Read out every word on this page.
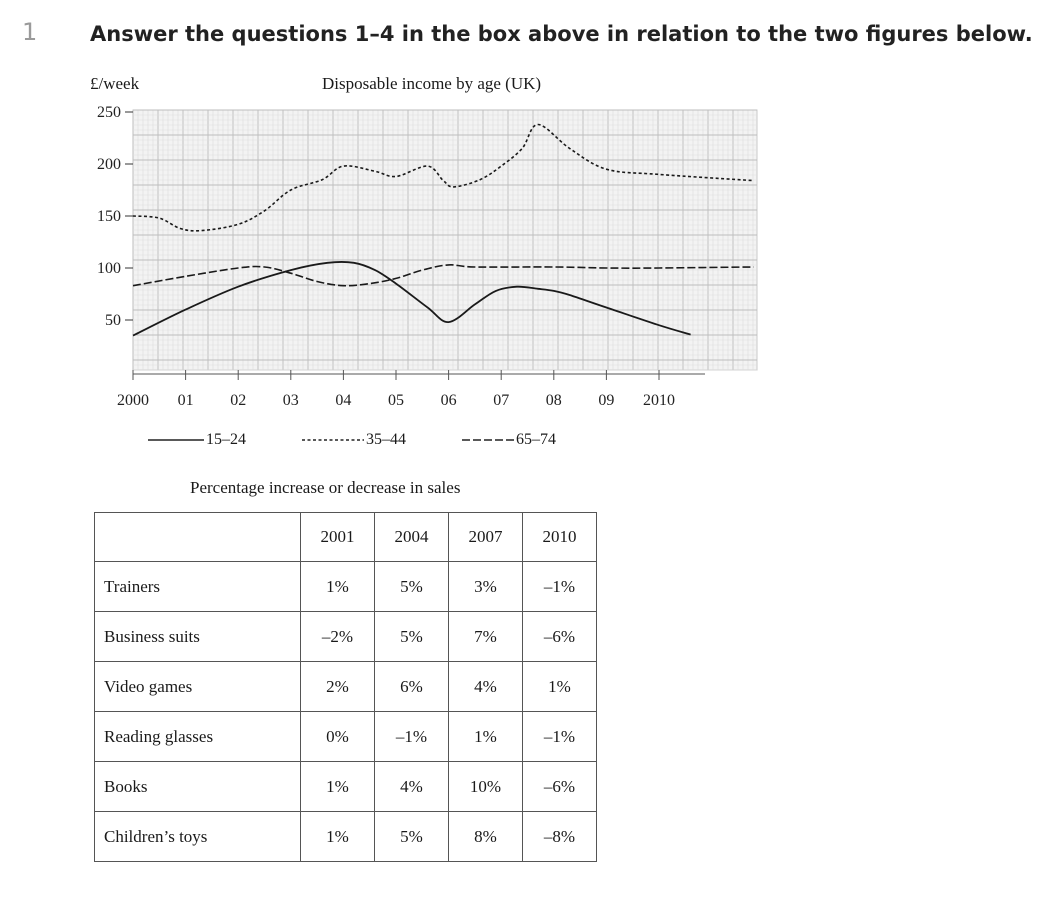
1	Answer the questions 1–4 in the box above in relation to the two figures below.
£/week	Disposable income by age (UK)
50
100
150
200
250
2000 01 02 03 04 05 06 07 08 09 2010
15–24	35–44	65–74
Percentage increase or decrease in sales
	2001	2004	2007	2010
Trainers	1%	5%	3%	–1%
Business suits	–2%	5%	7%	–6%
Video games	2%	6%	4%	1%
Reading glasses	0%	–1%	1%	–1%
Books	1%	4%	10%	–6%
Children’s toys	1%	5%	8%	–8%
